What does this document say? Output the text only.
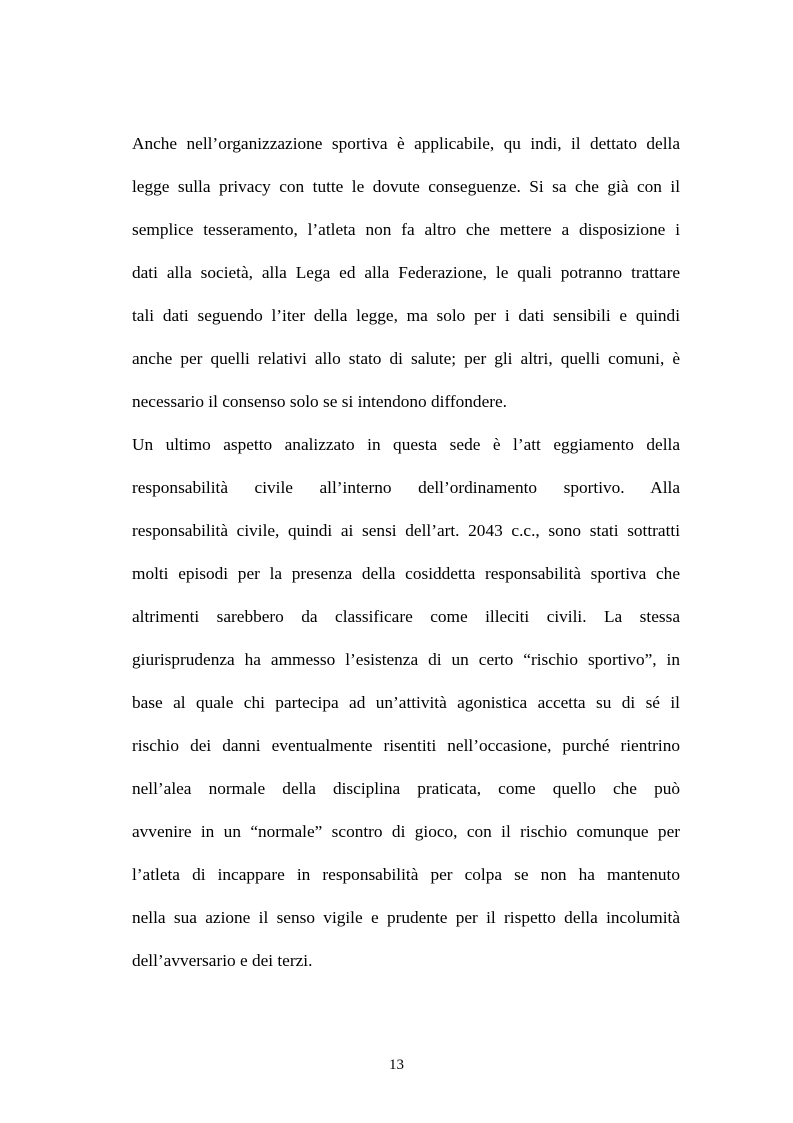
Anche nell’organizzazione sportiva è applicabile, qu indi, il dettato della
legge sulla privacy con tutte le dovute conseguenze. Si sa che già con il
semplice tesseramento, l’atleta non fa altro che mettere a disposizione i
dati alla società, alla Lega ed alla Federazione, le quali potranno trattare
tali dati seguendo l’iter della legge, ma solo per i dati sensibili e quindi
anche per quelli relativi allo stato di salute; per gli altri, quelli comuni, è
necessario il consenso solo se si intendono diffondere.
Un ultimo aspetto analizzato in questa sede è l’att eggiamento della
responsabilità civile all’interno dell’ordinamento sportivo. Alla
responsabilità civile, quindi ai sensi dell’art. 2043 c.c., sono stati sottratti
molti episodi per la presenza della cosiddetta responsabilità sportiva che
altrimenti sarebbero da classificare come illeciti civili. La stessa
giurisprudenza ha ammesso l’esistenza di un certo “rischio sportivo”, in
base al quale chi partecipa ad un’attività agonistica accetta su di sé il
rischio dei danni eventualmente risentiti nell’occasione, purché rientrino
nell’alea normale della disciplina praticata, come quello che può
avvenire in un “normale” scontro di gioco, con il rischio comunque per
l’atleta di incappare in responsabilità per colpa se non ha mantenuto
nella sua azione il senso vigile e prudente per il rispetto della incolumità
dell’avversario e dei terzi.
13
